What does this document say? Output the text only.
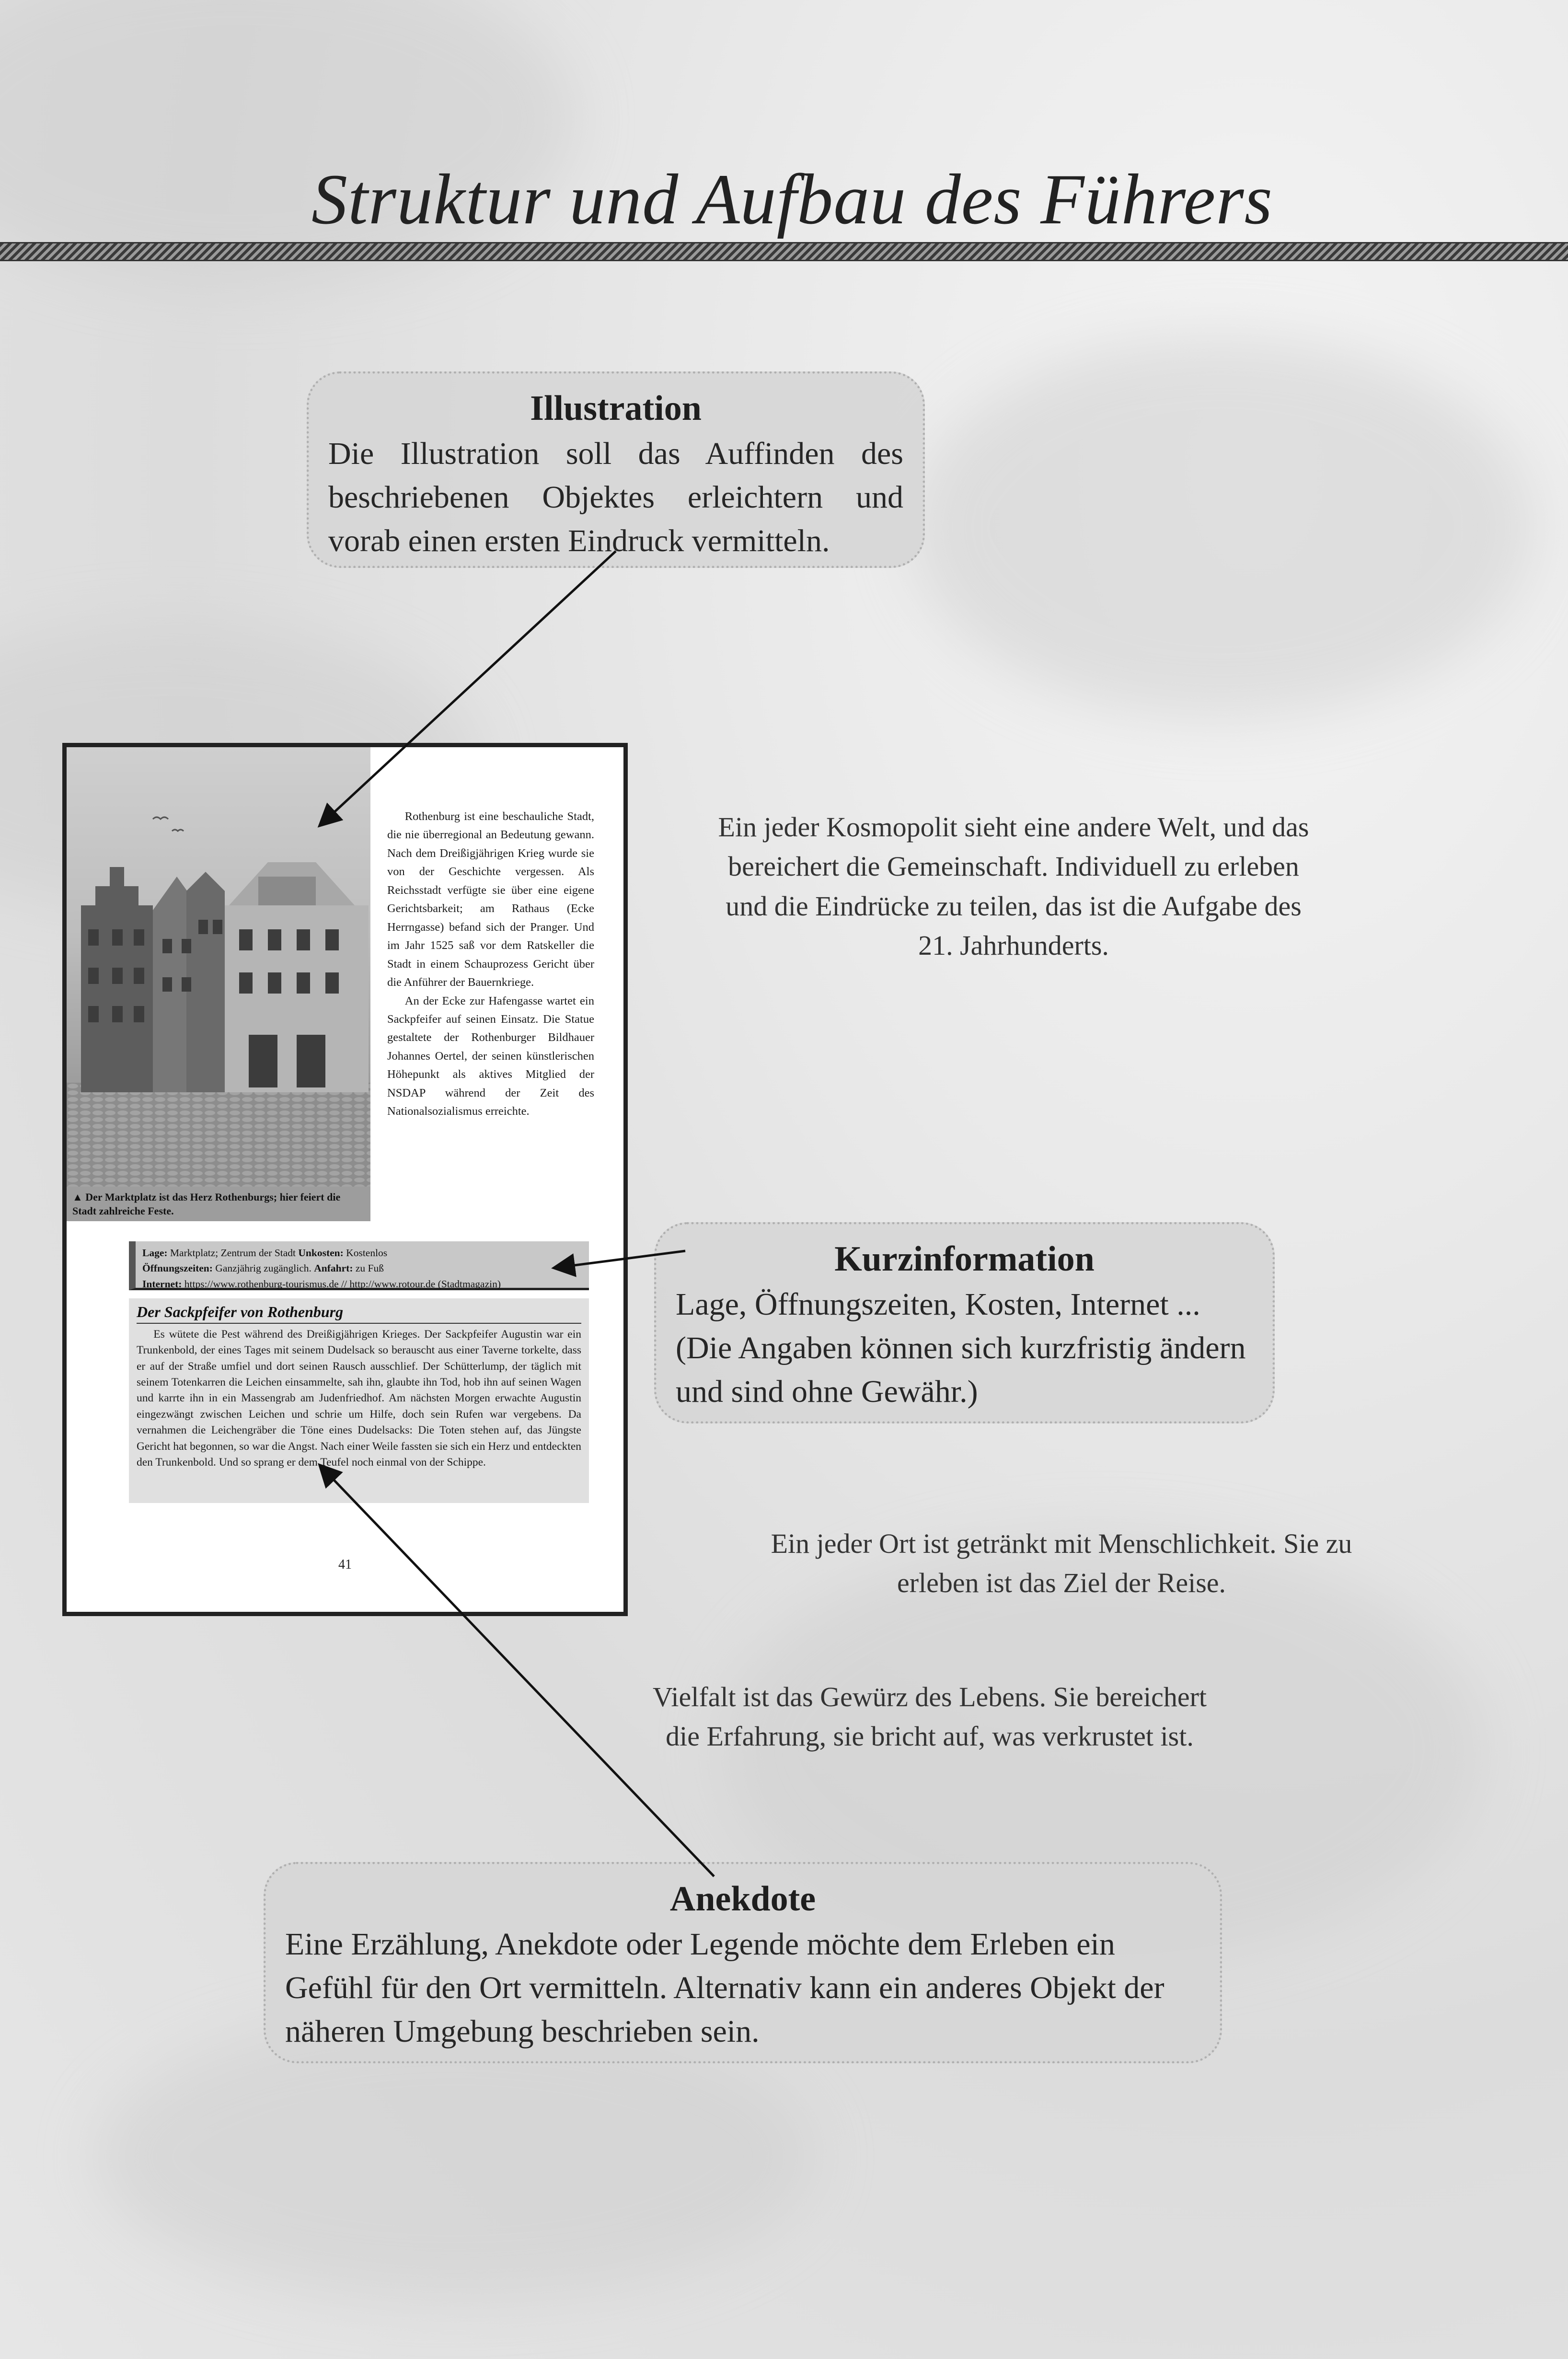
Struktur und Aufbau des Führers
Illustration

Die Illustration soll das Auffinden des beschriebenen Objektes erleichtern und vorab einen ersten Eindruck vermitteln.

Ein jeder Kosmopolit sieht eine andere Welt, und das bereichert die Gemeinschaft. Individuell zu erleben und die Eindrücke zu teilen, das ist die Aufgabe des 21. Jahrhunderts.

▲ Der Marktplatz ist das Herz Rothenburgs; hier feiert die Stadt zahlreiche Feste.

Rothenburg ist eine beschauliche Stadt, die nie überregional an Bedeutung gewann. Nach dem Dreißigjährigen Krieg wurde sie von der Geschichte vergessen. Als Reichsstadt verfügte sie über eine eigene Gerichtsbarkeit; am Rathaus (Ecke Herrngasse) befand sich der Pranger. Und im Jahr 1525 saß vor dem Ratskeller die Stadt in einem Schauprozess Gericht über die Anführer der Bauernkriege.

An der Ecke zur Hafengasse wartet ein Sackpfeifer auf seinen Einsatz. Die Statue gestaltete der Rothenburger Bildhauer Johannes Oertel, der seinen künstlerischen Höhepunkt als aktives Mitglied der NSDAP während der Zeit des Nationalsozialismus erreichte.

Lage: Marktplatz; Zentrum der Stadt Unkosten: Kostenlos
Öffnungszeiten: Ganzjährig zugänglich. Anfahrt: zu Fuß
Internet: https://www.rothenburg-tourismus.de // http://www.rotour.de (Stadtmagazin)

Der Sackpfeifer von Rothenburg

Es wütete die Pest während des Dreißigjährigen Krieges. Der Sackpfeifer Augustin war ein Trunkenbold, der eines Tages mit seinem Dudelsack so berauscht aus einer Taverne torkelte, dass er auf der Straße umfiel und dort seinen Rausch ausschlief. Der Schütterlump, der täglich mit seinem Totenkarren die Leichen einsammelte, sah ihn, glaubte ihn Tod, hob ihn auf seinen Wagen und karrte ihn in ein Massengrab am Judenfriedhof. Am nächsten Morgen erwachte Augustin eingezwängt zwischen Leichen und schrie um Hilfe, doch sein Rufen war vergebens. Da vernahmen die Leichengräber die Töne eines Dudelsacks: Die Toten stehen auf, das Jüngste Gericht hat begonnen, so war die Angst. Nach einer Weile fassten sie sich ein Herz und entdeckten den Trunkenbold. Und so sprang er dem Teufel noch einmal von der Schippe.

41

Kurzinformation

Lage, Öffnungszeiten, Kosten, Internet ... (Die Angaben können sich kurzfristig ändern und sind ohne Gewähr.)

Ein jeder Ort ist getränkt mit Menschlichkeit. Sie zu erleben ist das Ziel der Reise.

Vielfalt ist das Gewürz des Lebens. Sie bereichert die Erfahrung, sie bricht auf, was verkrustet ist.

Anekdote

Eine Erzählung, Anekdote oder Legende möchte dem Erleben ein Gefühl für den Ort vermitteln. Alternativ kann ein anderes Objekt der näheren Umgebung beschrieben sein.
